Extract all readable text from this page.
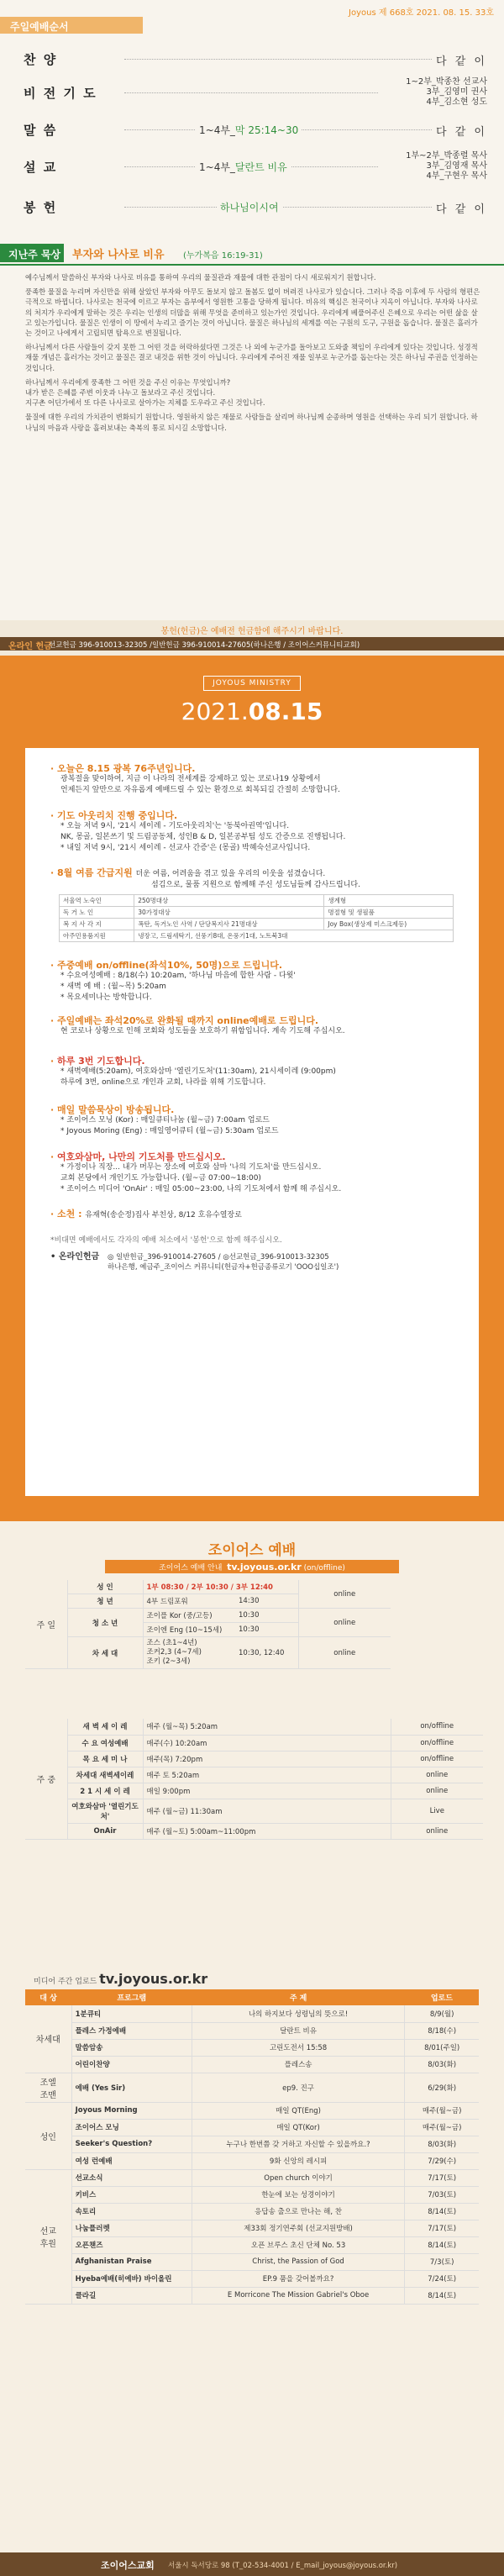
Joyous 제 668호 2021. 08. 15. 33호
주일예배순서
찬 양	다 같 이
비 전 기 도
1~2부_박종찬 선교사
3부_김영미 권사
4부_김소현 성도
말 씀	1~4부_막 25:14~30	다 같 이
설 교	1~4부_달란트 비유
1부~2부_박종렬 목사
3부_김영재 목사
4부_구현우 목사
봉 헌	하나님이시여	다 같 이
지난주 묵상 부자와 나사로 비유 (누가복음 16:19-31)

예수님께서 말씀하신 부자와 나사로 비유를 통하여 우리의 물질관과 재물에 대한 관점이 다시 새로워지기 원합니다.

풍족한 물질을 누리며 자신만을 위해 살았던 부자와 아무도 돌보지 않고 돌봄도 없이 버려진 나사로가 있습니다. 그러나 죽음 이후에 두 사람의 형편은 극적으로 바뀝니다. 나사로는 천국에 이르고 부자는 음부에서 영원한 고통을 당하게 됩니다. 비유의 핵심은 천국이나 지옥이 아닙니다. 부자와 나사로의 처지가 우리에게 말하는 것은 우리는 인생의 더많을 위해 무엇을 준비하고 있는가인 것입니다. 우리에게 베풀어주신 은혜으로 우리는 어떤 삶을 살고 있는가입니다. 물질은 인생이 이 땅에서 누리고 즐기는 것이 아닙니다. 물질은 하나님의 세계를 여는 구원의 도구, 구원을 돕습니다. 물질은 흘러가는 것이고 나에게서 고립되면 탐욕으로 변질됩니다.

하나님께서 다른 사람들이 갖지 못한 그 어떤 것을 허락하셨다면 그것은 나 외에 누군가를 돌아보고 도와줄 책임이 우리에게 있다는 것입니다. 성경적 재물 개념은 흘러가는 것이고 물질은 결코 내것을 위한 것이 아닙니다. 우리에게 주어진 재물 일부로 누군가를 돕는다는 것은 하나님 주권을 인정하는 것입니다.

하나님께서 우리에게 풍족한 그 어떤 것을 주신 이유는 무엇입니까?
내가 받은 은혜를 주변 이웃과 나누고 돌보라고 주신 것입니다.

지구촌 어딘가에서 또 다른 나사로로 살아가는 지체를 도우라고 주신 것입니다.

물질에 대한 우리의 가치관이 변화되기 원합니다. 영원하지 않은 재물로 사람들을 살리며 하나님께 순종하며 영원을 선택하는 우리 되기 원합니다. 하나님의 마음과 사랑을 흘려보내는 축복의 통로 되시길 소망합니다.

봉헌(헌금)은 예배전 헌금함에 해주시기 바랍니다.
온라인 헌금
선교헌금 396-910013-32305 /일반헌금 396-910014-27605(하나은행 / 조이어스커뮤니티교회)
JOYOUS MINISTRY
2021.08.15
· 오늘은 8.15 광복 76주년입니다.
광복절을 맞이하여, 지금 이 나라의 전세계를 강제하고 있는 코로나19 상황에서
언제든지 앞만으로 자유롭게 예배드릴 수 있는 환경으로 회복되길 간절히 소망합니다.
· 기도 아웃리치 진행 중입니다.
* 오늘 저녁 9시, '21시 세이레 - 기도아웃리치'는 '동북아권역'입니다.
NK, 몽골, 일본쓰기 및 드림공동체, 성인B & D, 일본공부팀 성도 간증으로 진행됩니다.
* 내일 저녁 9시, '21시 세이레 - 선교사 간증'은 (몽골) 박혜숙선교사입니다.
· 8월 여름 간급지원 더운 여름, 어려움을 겪고 있을 우리의 이웃을 섬겼습니다.
섬김으로, 물품 지원으로 함께해 주신 성도님들께 감사드립니다.
서울역 노숙인	250명대상	생계형
독 거 노 인	30가정대상	명절형 및 생필품
복 지 사 각 지	폭탄, 독거노인 사역 / 단당복지사 21명대상	Joy Box(생상제 미스크제등)
아주민용품지원	냉장고, 드림세탁기, 선풍기8대, 온풍기1대, 노트북3대	
· 주중예배 on/offline(좌석10%, 50명)으로 드립니다.
* 수요여성예배 : 8/18(수) 10:20am, '하나님 마음에 합한 사람 - 다윗'
* 새벽 예 배 : (월~목) 5:20am
* 목요세미나는 방학합니다.
· 주일예배는 좌석20%로 완화될 때까지 online예배로 드립니다.
현 코로나 상황으로 인해 코회와 성도들을 보호하기 위함입니다. 계속 기도해 주십시오.
· 하루 3번 기도합니다.
* 새벽예배(5:20am), 여호와삼마 '열린기도처'(11:30am), 21시세이레 (9:00pm)
하루에 3번, online으로 개인과 교회, 나라를 위해 기도합니다.
· 매일 말씀묵상이 방송됩니다.
* 조이어스 모닝 (Kor) : 매일큐티나눔 (월~금) 7:00am 업로드
* Joyous Moring (Eng) : 매일영어큐티 (월~금) 5:30am 업로드
· 여호와삼마, 나만의 기도처를 만드십시오.
* 가정이나 직장... 내가 머무는 장소에 여호와 삼마 '나의 기도처'를 만드십시오.
교회 본당에서 개인기도 가능합니다. (월~금 07:00~18:00)
* 조이어스 미디어 'OnAir' : 매일 05:00~23:00, 나의 기도처에서 함께 해 주십시오.
· 소천 : 유재혁(송순정)집사 부친상, 8/12 호유수열장로
*비대면 예배에서도 각자의 예배 처소에서 '봉헌'으로 함께 해주십시오.
• 온라인헌금	◎ 일반헌금_396-910014-27605 / ◎선교헌금_396-910013-32305
하나은행, 예금주_조이어스 커뮤니티(헌금자+헌금종류로기 'OOO십일조')
조이어스 예배
조이어스 예배 안내 tv.joyous.or.kr (on/offline)
주 일	성 인	1부 08:30 / 2부 10:30 / 3부 12:40		online
	청 년	4부 드림포워	14:30	
	청 소 년	조이플 Kor (중/고등)	10:30	online
		조이엔 Eng (10~15세)	10:30	
	차 세 대	조스 (초1~4년)
조커2,3 (4~7세)
조키 (2~3세)	10:30, 12:40	online
주 중	새 벽 세 이 레	매주 (월~목) 5:20am	on/offline
	수 요 여성예배	매주(수) 10:20am	on/offline
	목 요 세 미 나	매주(목) 7:20pm	on/offline
	차세대 새벽세이레	매주 토 5:20am	online
	2 1 시 세 이 레	매일 9:00pm	online
	여호와삼마 '열린기도처'	매주 (월~금) 11:30am	Live
	OnAir	매주 (월~토) 5:00am~11:00pm	online
미디어 주간 업로드 tv.joyous.or.kr
대 상	프로그램	주 제	업로드
차세대	1분큐티	나의 하지보다 성령님의 뜻으로!	8/9(월)
	플레스 가정예배	달란트 비유	8/18(수)
	말씀암송	고린도전서 15:58	8/01(주일)
	어린이찬양	플레스송	8/03(화)
조엘
조맨	예배 (Yes Sir)	ep9. 진구	6/29(화)
성인	Joyous Morning	매일 QT(Eng)	매주(월~금)
	조이어스 모닝	매일 QT(Kor)	매주(월~금)
	Seeker's Question?	누구나 한번쯤 갖 거하고 자신할 수 있을까요.?	8/03(화)
	여성 런예배	9화 신앙의 레시피	7/29(수)
선교
후원	선교소식	Open church 이야기	7/17(토)
	키비스	한눈에 보는 성경이야기	7/03(토)
	속토리	응답송 출으로 만나는 해, 찬	8/14(토)
	나눔플러렛	제33회 정기연주회 (선교지원방배)	7/17(토)
	오픈챈즈	오픈 브루스 초신 단체 No. 53	8/14(토)
	Afghanistan Praise	Christ, the Passion of God	7/3(토)
	Hyeba예배(히예바) 바이올린	EP.9 품을 갖어볼까요?	7/24(토)
	클라길	E Morricone The Mission Gabriel's Oboe	8/14(토)
조이어스교회 서울시 독서당로 98 (T_02-534-4001 / E_mail_joyous@joyous.or.kr)
